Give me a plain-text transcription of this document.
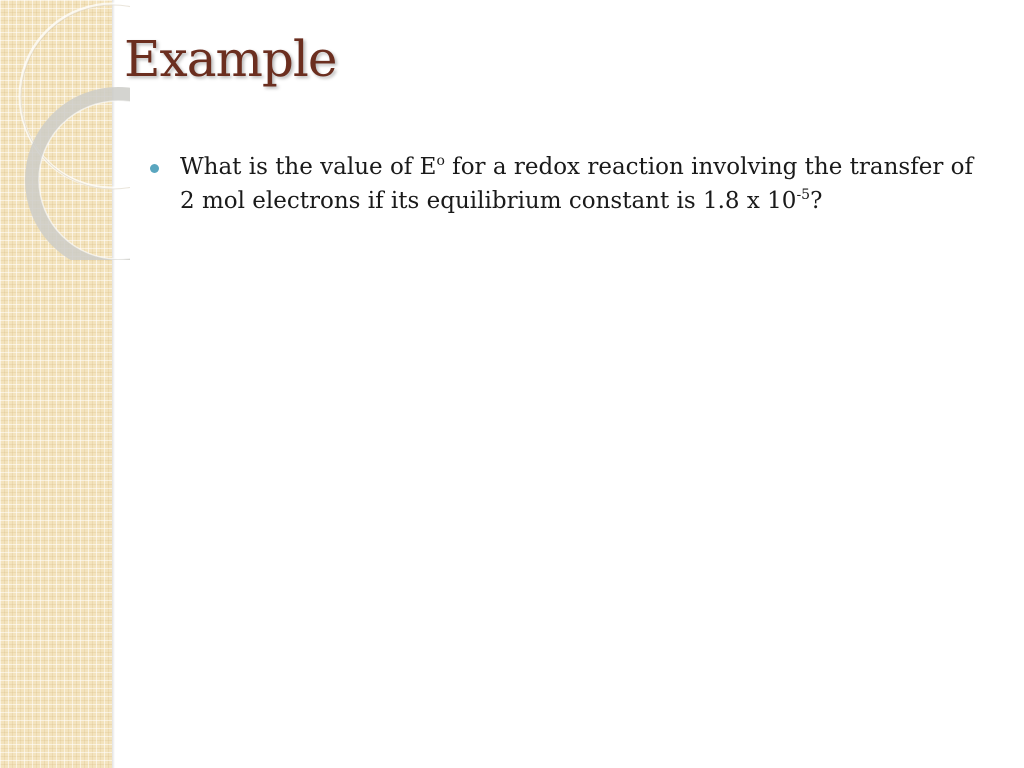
Example
What is the value of $E^o$ for a redox reaction involving the transfer of 2 mol electrons if its equilibrium constant is 1.8 x $10^{-5}$?
